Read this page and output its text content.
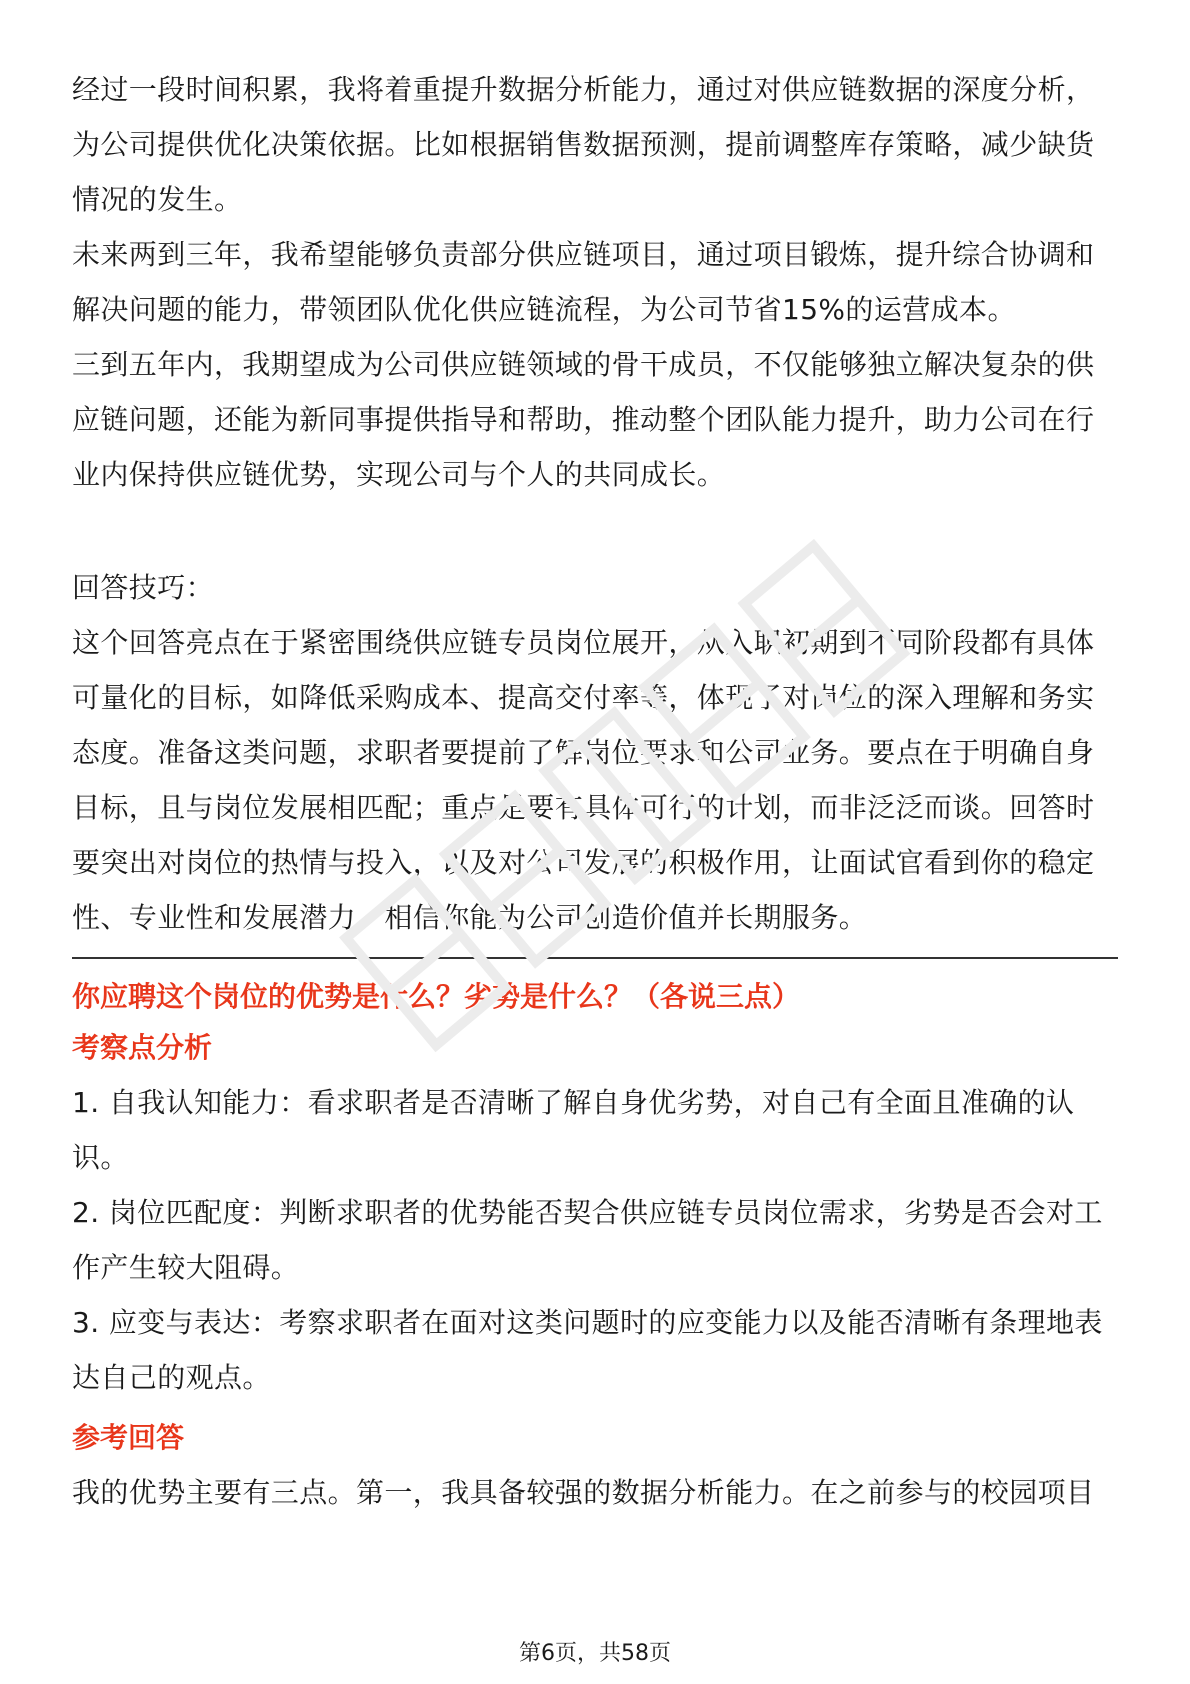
经过一段时间积累，我将着重提升数据分析能力，通过对供应链数据的深度分析，为公司提供优化决策依据。比如根据销售数据预测，提前调整库存策略，减少缺货情况的发生。

未来两到三年，我希望能够负责部分供应链项目，通过项目锻炼，提升综合协调和解决问题的能力，带领团队优化供应链流程，为公司节省15%的运营成本。

三到五年内，我期望成为公司供应链领域的骨干成员，不仅能够独立解决复杂的供应链问题，还能为新同事提供指导和帮助，推动整个团队能力提升，助力公司在行业内保持供应链优势，实现公司与个人的共同成长。

回答技巧：

这个回答亮点在于紧密围绕供应链专员岗位展开，从入职初期到不同阶段都有具体可量化的目标，如降低采购成本、提高交付率等，体现了对岗位的深入理解和务实态度。准备这类问题，求职者要提前了解岗位要求和公司业务。要点在于明确自身目标，且与岗位发展相匹配；重点是要有具体可行的计划，而非泛泛而谈。回答时要突出对岗位的热情与投入，以及对公司发展的积极作用，让面试官看到你的稳定性、专业性和发展潜力，相信你能为公司创造价值并长期服务。

你应聘这个岗位的优势是什么？劣势是什么？（各说三点）

考察点分析

1. 自我认知能力：看求职者是否清晰了解自身优劣势，对自己有全面且准确的认识。

2. 岗位匹配度：判断求职者的优势能否契合供应链专员岗位需求，劣势是否会对工作产生较大阻碍。

3. 应变与表达：考察求职者在面对这类问题时的应变能力以及能否清晰有条理地表达自己的观点。

参考回答

我的优势主要有三点。第一，我具备较强的数据分析能力。在之前参与的校园项目

第6页，共58页
